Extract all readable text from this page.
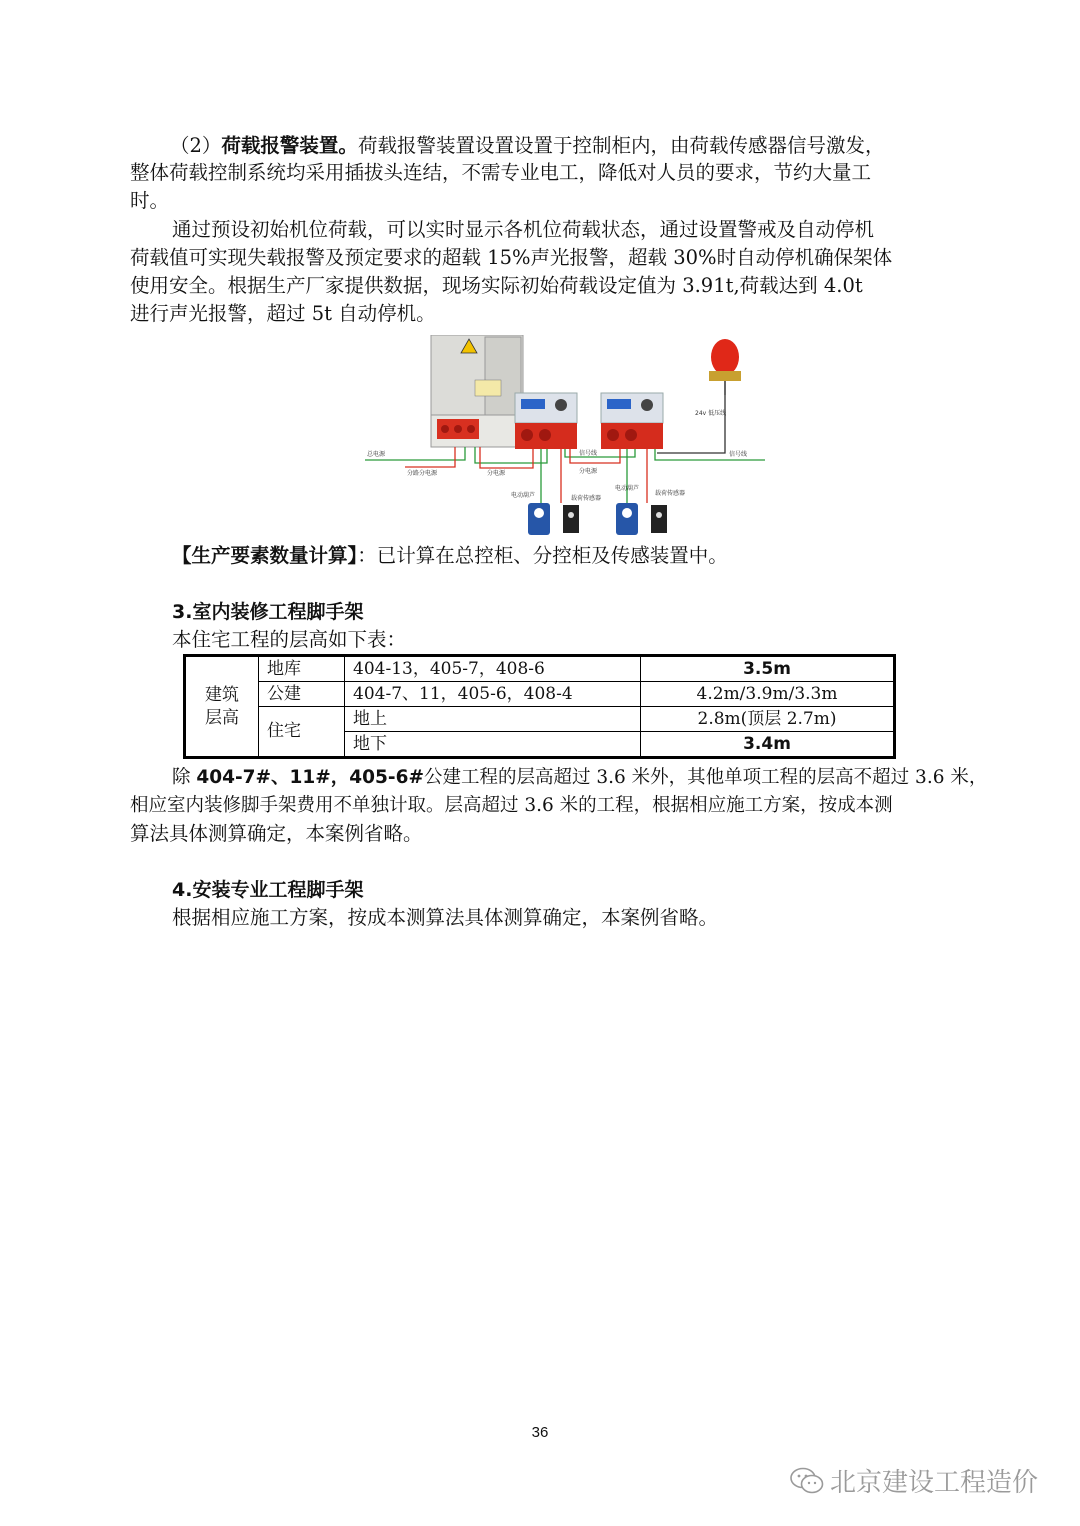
（2）荷载报警装置。荷载报警装置设置设置于控制柜内，由荷载传感器信号激发，
整体荷载控制系统均采用插拔头连结，不需专业电工，降低对人员的要求，节约大量工
时。
通过预设初始机位荷载，可以实时显示各机位荷载状态，通过设置警戒及自动停机
荷载值可实现失载报警及预定要求的超载 15%声光报警，超载 30%时自动停机确保架体
使用安全。根据生产厂家提供数据，现场实际初始荷载设定值为 3.91t,荷载达到 4.0t
进行声光报警，超过 5t 自动停机。
总电源
分路分电源	分电源	分电源
信号线	信号线
24v 低压线
电动葫芦	载荷传感器
电动葫芦
载荷传感器
【生产要素数量计算】：已计算在总控柜、分控柜及传感装置中。
3.室内装修工程脚手架
本住宅工程的层高如下表：
建筑
层高	地库	404-13，405-7，408-6	3.5m
	公建	404-7、11，405-6，408-4	4.2m/3.9m/3.3m
	住宅	地上	2.8m(顶层 2.7m)
		地下	3.4m
除 404-7#、11#，405-6#公建工程的层高超过 3.6 米外，其他单项工程的层高不超过 3.6 米，
相应室内装修脚手架费用不单独计取。层高超过 3.6 米的工程，根据相应施工方案，按成本测
算法具体测算确定，本案例省略。
4.安装专业工程脚手架
根据相应施工方案，按成本测算法具体测算确定，本案例省略。
36
北京建设工程造价
